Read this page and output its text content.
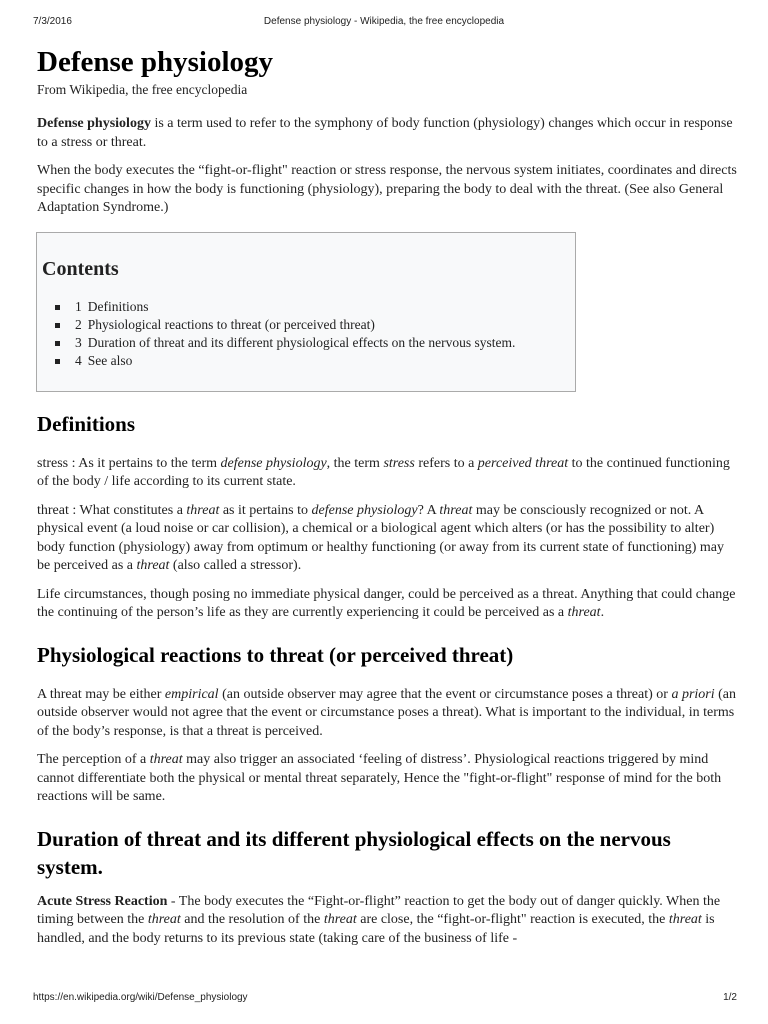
7/3/2016	Defense physiology - Wikipedia, the free encyclopedia
Defense physiology
From Wikipedia, the free encyclopedia

Defense physiology is a term used to refer to the symphony of body function (physiology) changes which occur in response to a stress or threat.

When the body executes the “fight-or-flight" reaction or stress response, the nervous system initiates, coordinates and directs specific changes in how the body is functioning (physiology), preparing the body to deal with the threat. (See also General Adaptation Syndrome.)

Contents
1 Definitions
2 Physiological reactions to threat (or perceived threat)
3 Duration of threat and its different physiological effects on the nervous system.
4 See also
Definitions

stress : As it pertains to the term defense physiology, the term stress refers to a perceived threat to the continued functioning of the body / life according to its current state.

threat : What constitutes a threat as it pertains to defense physiology? A threat may be consciously recognized or not. A physical event (a loud noise or car collision), a chemical or a biological agent which alters (or has the possibility to alter) body function (physiology) away from optimum or healthy functioning (or away from its current state of functioning) may be perceived as a threat (also called a stressor).

Life circumstances, though posing no immediate physical danger, could be perceived as a threat. Anything that could change the continuing of the person’s life as they are currently experiencing it could be perceived as a threat.

Physiological reactions to threat (or perceived threat)

A threat may be either empirical (an outside observer may agree that the event or circumstance poses a threat) or a priori (an outside observer would not agree that the event or circumstance poses a threat). What is important to the individual, in terms of the body’s response, is that a threat is perceived.

The perception of a threat may also trigger an associated ‘feeling of distress’. Physiological reactions triggered by mind cannot differentiate both the physical or mental threat separately, Hence the "fight-or-flight" response of mind for the both reactions will be same.

Duration of threat and its different physiological effects on the nervous system.

Acute Stress Reaction - The body executes the “Fight-or-flight” reaction to get the body out of danger quickly. When the timing between the threat and the resolution of the threat are close, the “fight-or-flight" reaction is executed, the threat is handled, and the body returns to its previous state (taking care of the business of life -

https://en.wikipedia.org/wiki/Defense_physiology	1/2
